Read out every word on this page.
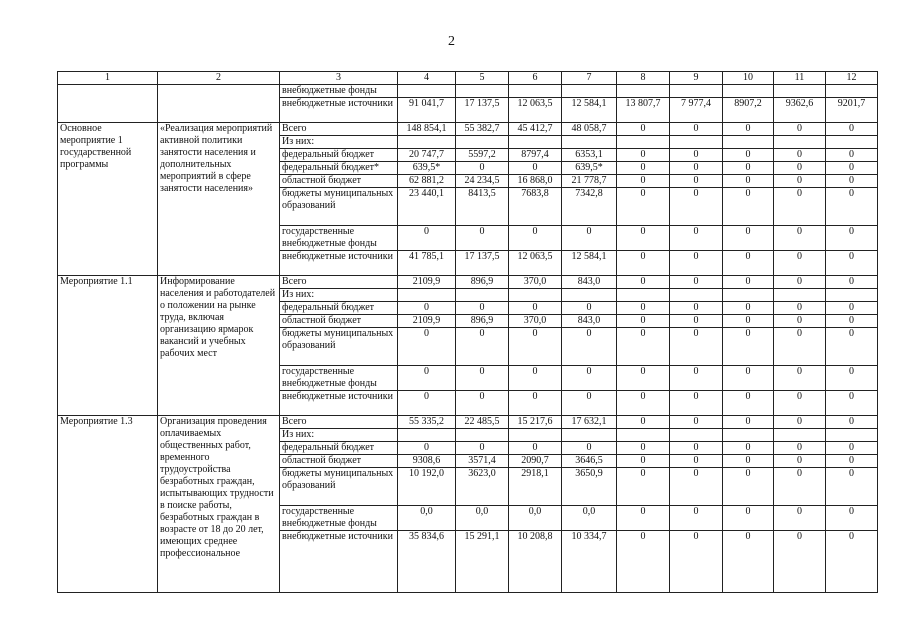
2
1	2	3	4	5	6	7	8	9	10	11	12
		внебюджетные фонды									
		внебюджетные источники	91 041,7	17 137,5	12 063,5	12 584,1	13 807,7	7 977,4	8907,2	9362,6	9201,7
Основное мероприятие 1 государственной программы	«Реализация мероприятий активной политики занятости населения и дополнительных мероприятий в сфере занятости населения»	Всего	148 854,1	55 382,7	45 412,7	48 058,7	0	0	0	0	0
		Из них:									
		федеральный бюджет	20 747,7	5597,2	8797,4	6353,1	0	0	0	0	0
		федеральный бюджет*	639,5*	0	0	639,5*	0	0	0	0	0
		областной бюджет	62 881,2	24 234,5	16 868,0	21 778,7	0	0	0	0	0
		бюджеты муниципальных образований	23 440,1	8413,5	7683,8	7342,8	0	0	0	0	0
		государственные внебюджетные фонды	0	0	0	0	0	0	0	0	0
		внебюджетные источники	41 785,1	17 137,5	12 063,5	12 584,1	0	0	0	0	0
Мероприятие 1.1	Информирование населения и работодателей о положении на рынке труда, включая организацию ярмарок вакансий и учебных рабочих мест	Всего	2109,9	896,9	370,0	843,0	0	0	0	0	0
		Из них:									
		федеральный бюджет	0	0	0	0	0	0	0	0	0
		областной бюджет	2109,9	896,9	370,0	843,0	0	0	0	0	0
		бюджеты муниципальных образований	0	0	0	0	0	0	0	0	0
		государственные внебюджетные фонды	0	0	0	0	0	0	0	0	0
		внебюджетные источники	0	0	0	0	0	0	0	0	0
Мероприятие 1.3	Организация проведения оплачиваемых общественных работ, временного трудоустройства безработных граждан, испытывающих трудности в поиске работы, безработных граждан в возрасте от 18 до 20 лет, имеющих среднее профессиональное	Всего	55 335,2	22 485,5	15 217,6	17 632,1	0	0	0	0	0
		Из них:									
		федеральный бюджет	0	0	0	0	0	0	0	0	0
		областной бюджет	9308,6	3571,4	2090,7	3646,5	0	0	0	0	0
		бюджеты муниципальных образований	10 192,0	3623,0	2918,1	3650,9	0	0	0	0	0
		государственные внебюджетные фонды	0,0	0,0	0,0	0,0	0	0	0	0	0
		внебюджетные источники	35 834,6	15 291,1	10 208,8	10 334,7	0	0	0	0	0
